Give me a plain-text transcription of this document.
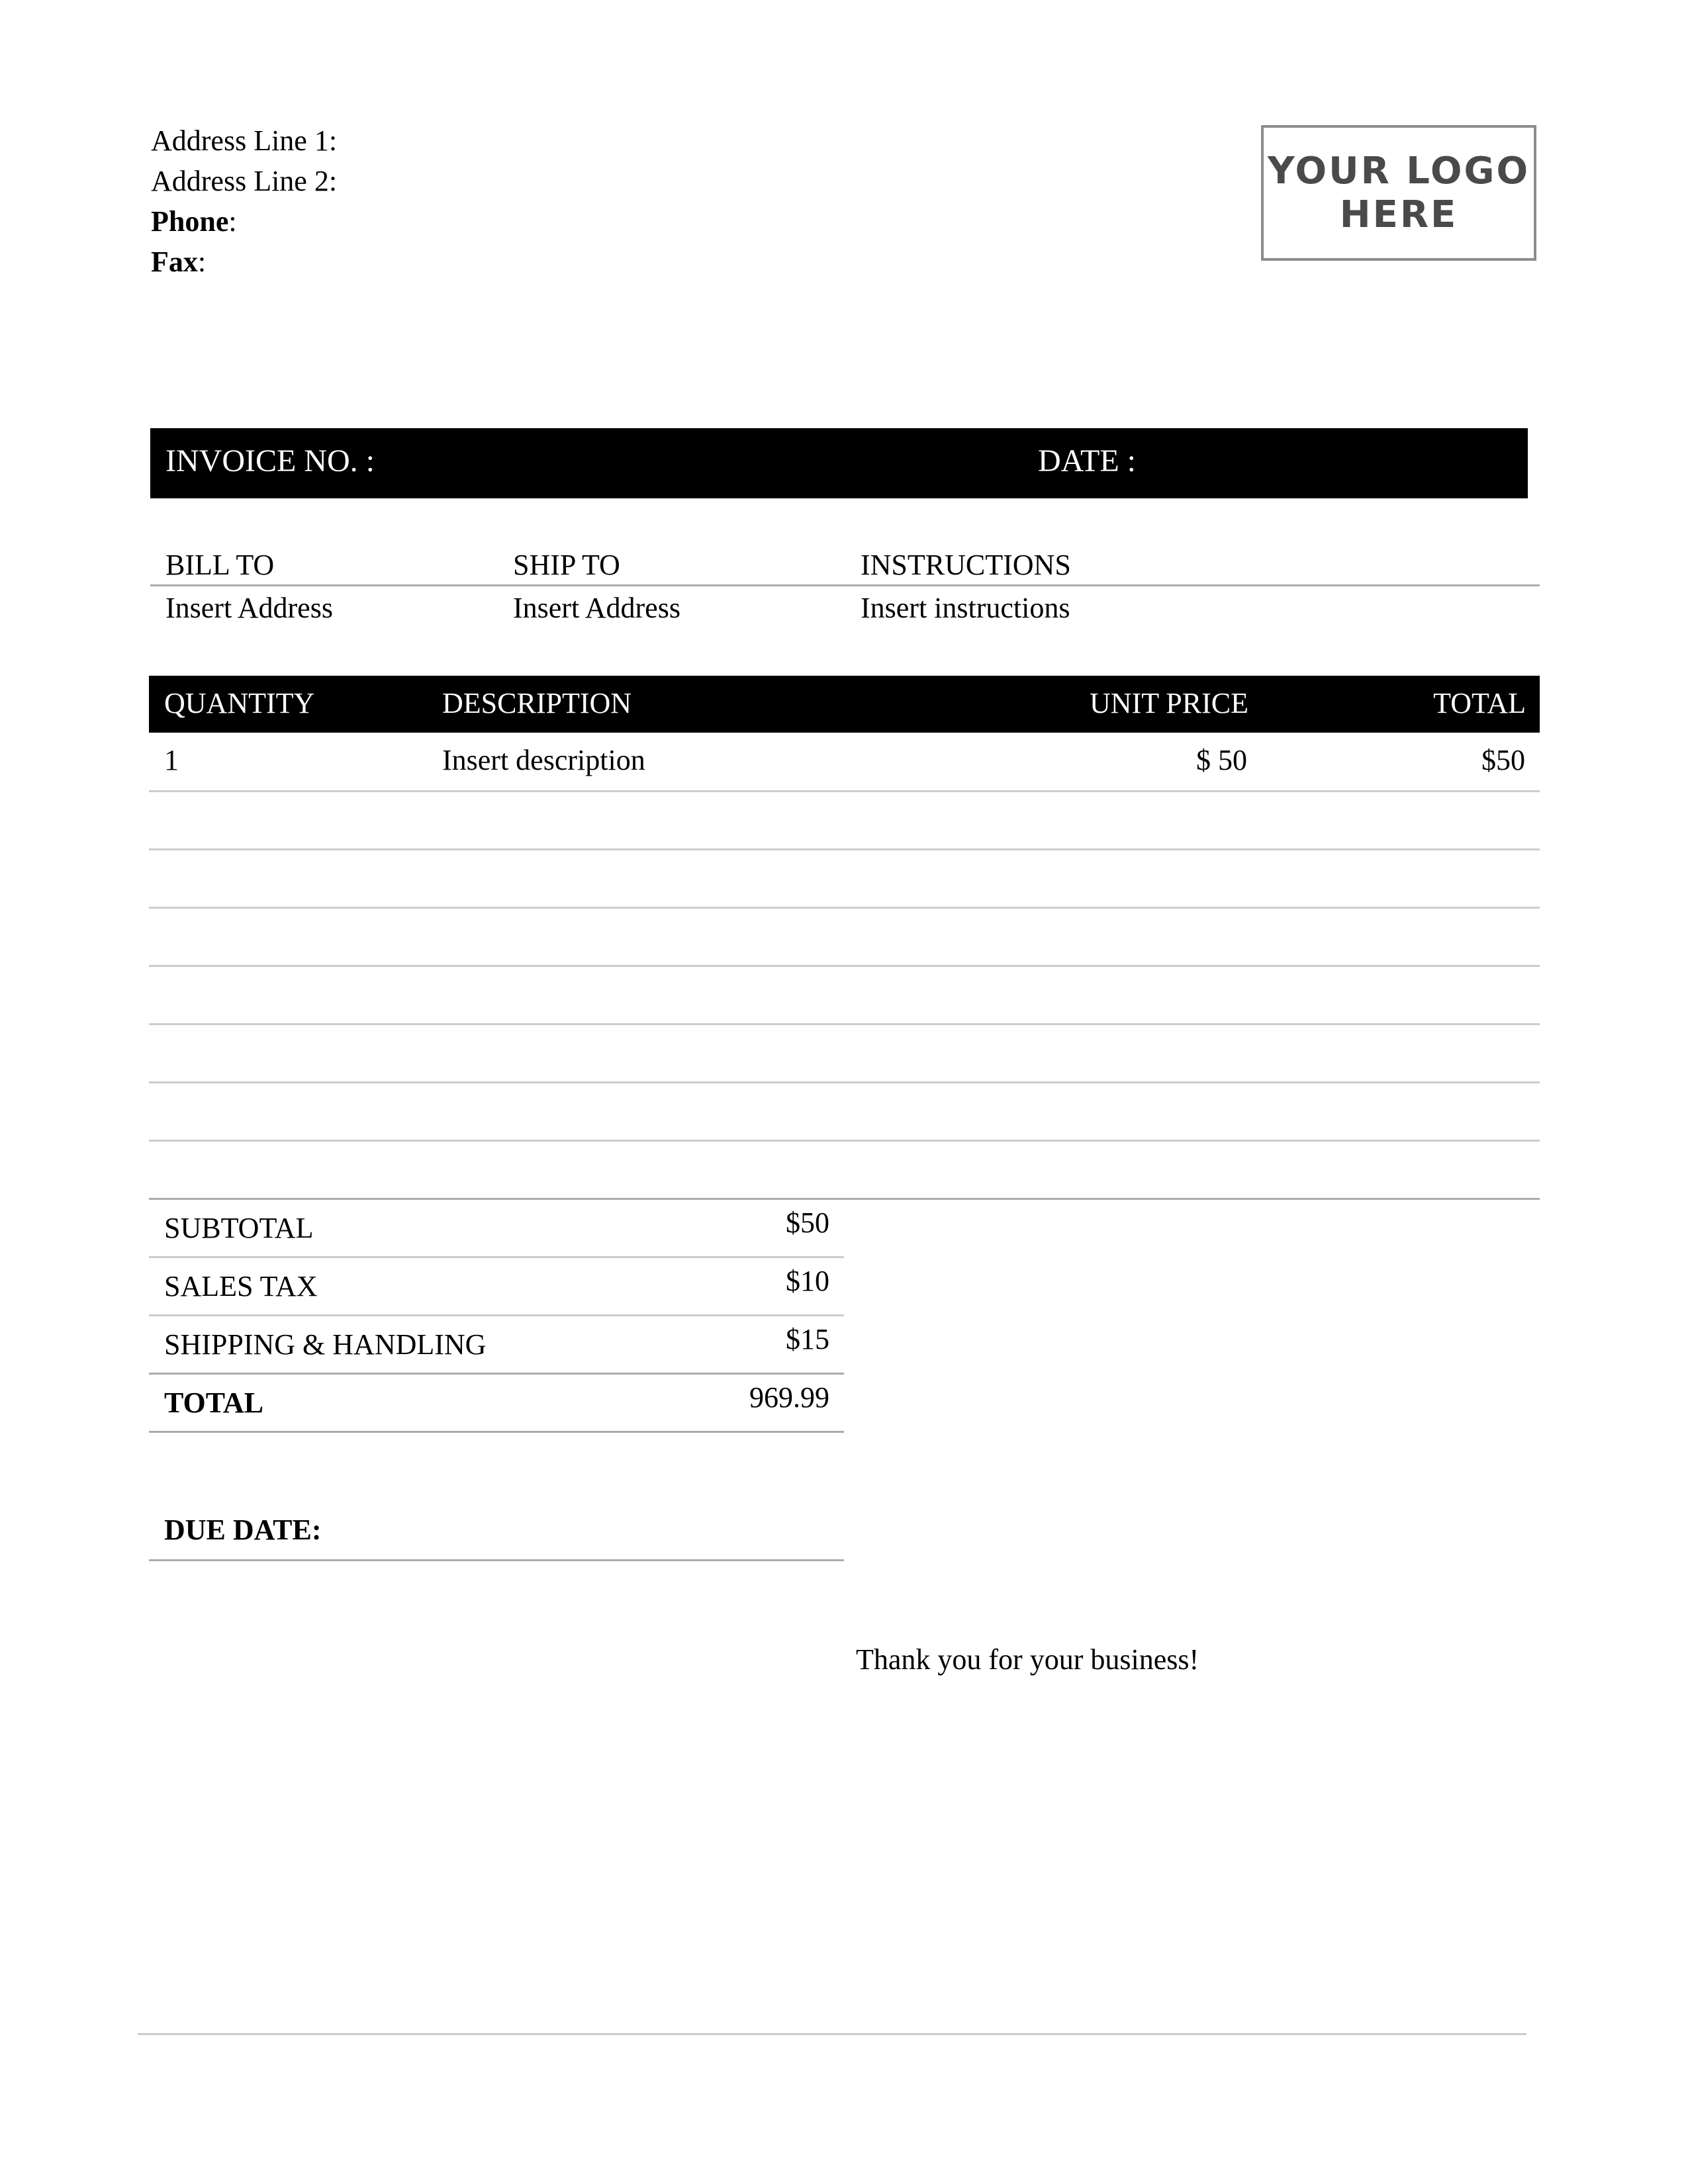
Address Line 1:
Address Line 2:
Phone:
Fax:
YOUR LOGO
HERE
INVOICE NO. :	DATE :
BILL TO	SHIP TO	INSTRUCTIONS
Insert Address	Insert Address	Insert instructions
QUANTITY	DESCRIPTION	UNIT PRICE	TOTAL
1	Insert description	$ 50	$50
SUBTOTAL	$50
SALES TAX	$10
SHIPPING & HANDLING	$15
TOTAL	969.99
DUE DATE:
Thank you for your business!
